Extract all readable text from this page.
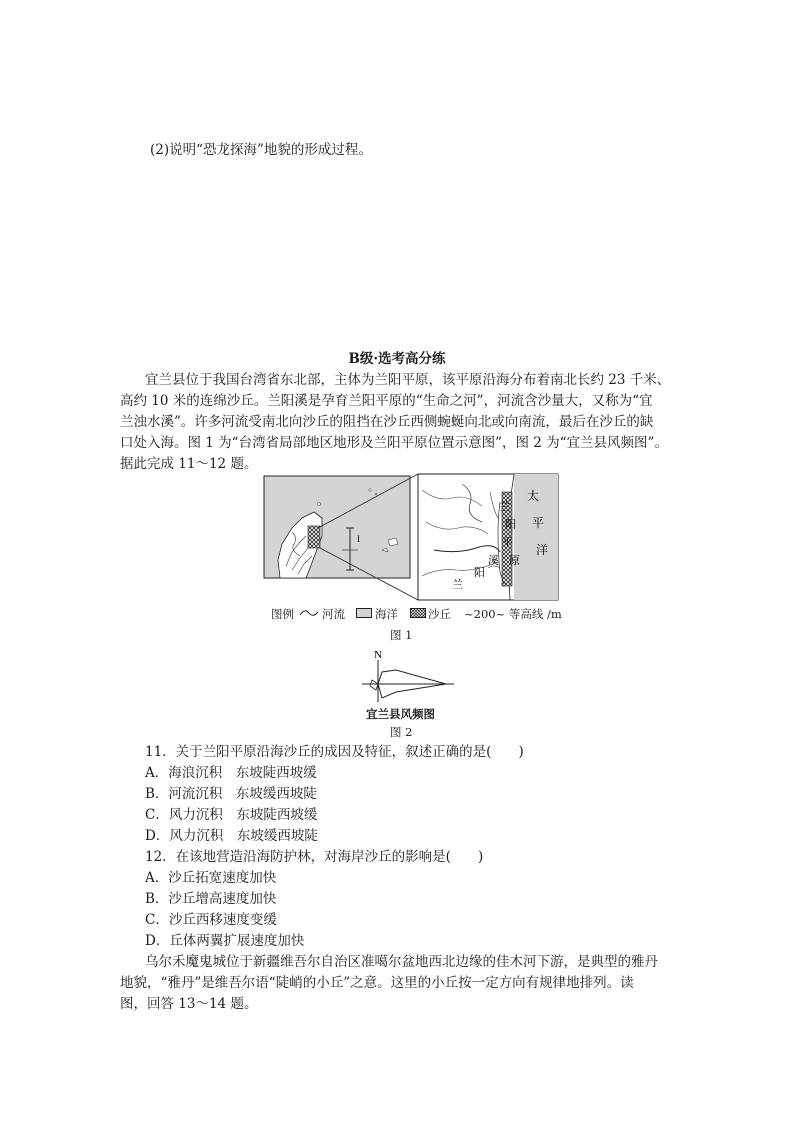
(2)说明“恐龙探海”地貌的形成过程。
B级·选考高分练
宜兰县位于我国台湾省东北部，主体为兰阳平原，该平原沿海分布着南北长约 23 千米、
高约 10 米的连绵沙丘。兰阳溪是孕育兰阳平原的“生命之河”，河流含沙量大，又称为“宜
兰浊水溪”。许多河流受南北向沙丘的阻挡在沙丘西侧蜿蜒向北或向南流，最后在沙丘的缺
口处入海。图 1 为“台湾省局部地区地形及兰阳平原位置示意图”，图 2 为“宜兰县风频图”。
据此完成 11～12 题。
I
太
平
洋
兰
阳
平
原
兰
阳
溪
图例 河流	海洋	沙丘 ~200~ 等高线 /m
图 1
N
宜兰县风频图
图 2
11．关于兰阳平原沿海沙丘的成因及特征，叙述正确的是(　　)
A．海浪沉积　东坡陡西坡缓
B．河流沉积　东坡缓西坡陡
C．风力沉积　东坡陡西坡缓
D．风力沉积　东坡缓西坡陡
12．在该地营造沿海防护林，对海岸沙丘的影响是(　　)
A．沙丘拓宽速度加快
B．沙丘增高速度加快
C．沙丘西移速度变缓
D．丘体两翼扩展速度加快
乌尔禾魔鬼城位于新疆维吾尔自治区准噶尔盆地西北边缘的佳木河下游，是典型的雅丹
地貌，“雅丹”是维吾尔语“陡峭的小丘”之意。这里的小丘按一定方向有规律地排列。读
图，回答 13～14 题。
